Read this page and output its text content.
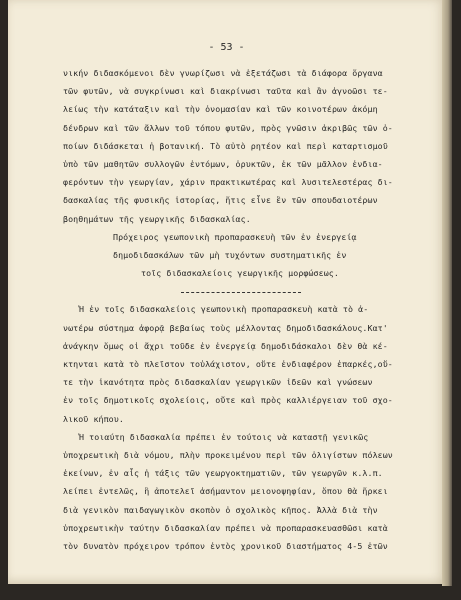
- 53 -
νικήν διδασκόμενοι δὲν γνωρίζωσι νὰ ἐξετάζωσι τὰ διάφορα ὄργανα
τῶν φυτῶν, νὰ συγκρίνωσι καὶ διακρίνωσι ταῦτα καὶ ἂν ἀγνοῶσι τε-
λείως τὴν κατάταξιν καὶ τὴν ὀνομασίαν καὶ τῶν κοινοτέρων ἀκόμη
δένδρων καὶ τῶν ἄλλων τοῦ τόπου φυτῶν, πρὸς γνῶσιν ἀκριβῶς τῶν ὁ-
ποίων διδάσκεται ἡ βοτανική. Τὸ αὐτὸ ρητέον καὶ περὶ καταρτισμοῦ
ὑπὸ τῶν μαθητῶν συλλογῶν ἐντόμων, ὀρυκτῶν, ἐκ τῶν μᾶλλον ἐνδια-
φερόντων τὴν γεωργίαν, χάριν πρακτικωτέρας καὶ λυσιτελεστέρας δι-
δασκαλίας τῆς φυσικῆς ἱστορίας, ἥτις εἶνε ἓν τῶν σπουδαιοτέρων
βοηθημάτων τῆς γεωργικῆς διδασκαλίας.
Πρόχειρος γεωπονικὴ προπαρασκευὴ τῶν ἐν ἐνεργείᾳ
δημοδιδασκάλων τῶν μὴ τυχόντων συστηματικῆς ἐν
τοῖς διδασκαλείοις γεωργικῆς μορφώσεως.
Ἡ ἐν τοῖς διδασκαλείοις γεωπονικὴ προπαρασκευὴ κατὰ τὸ ἀ-
νωτέρω σύστημα ἀφορᾷ βεβαίως τοὺς μέλλοντας δημοδιδασκάλους.Κατ'
ἀνάγκην ὅμως οἱ ἄχρι τοῦδε ἐν ἐνεργείᾳ δημοδιδάσκαλοι δὲν θὰ κέ-
κτηνται κατὰ τὸ πλεῖστον τοὐλάχιστον, οὔτε ἐνδιαφέρον ἐπαρκές,οὔ-
τε τὴν ἱκανότητα πρὸς διδασκαλίαν γεωργικῶν ἰδεῶν καὶ γνώσεων
ἐν τοῖς δημοτικοῖς σχολείοις, οὔτε καὶ πρὸς καλλιέργειαν τοῦ σχο-
λικοῦ κήπου.
Ἡ τοιαύτη διδασκαλία πρέπει ἐν τούτοις νὰ καταστῇ γενικῶς
ὑποχρεωτικὴ διὰ νόμου, πλὴν προκειμένου περὶ τῶν ὀλιγίστων πόλεων
ἐκείνων, ἐν αἷς ἡ τάξις τῶν γεωργοκτηματιῶν, τῶν γεωργῶν κ.λ.π.
λείπει ἐντελῶς, ἢ ἀποτελεῖ ἀσήμαντον μειονοψηφίαν, ὅπου θὰ ἤρκει
διὰ γενικὸν παιδαγωγικὸν σκοπὸν ὁ σχολικὸς κῆπος. Ἀλλὰ διὰ τὴν
ὑποχρεωτικὴν ταύτην διδασκαλίαν πρέπει νὰ προπαρασκευασθῶσι κατὰ
τὸν δυνατὸν πρόχειρον τρόπον ἐντὸς χρονικοῦ διαστήματος 4-5 ἐτῶν
